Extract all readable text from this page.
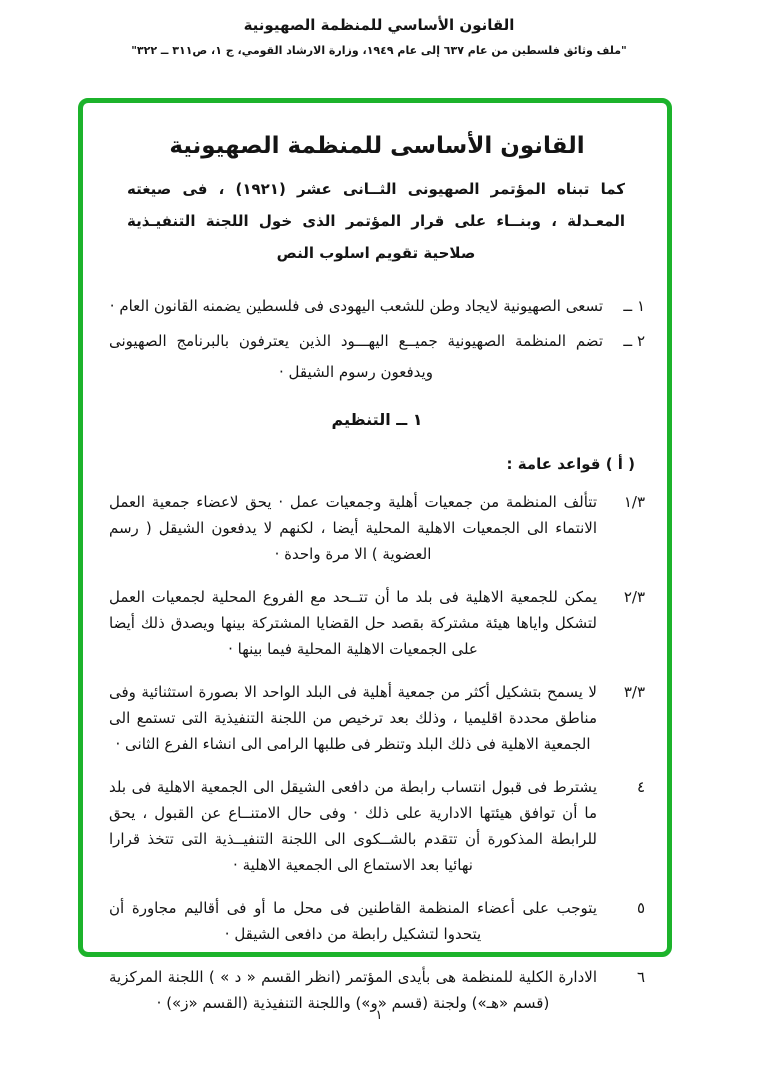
القانون الأساسي للمنظمة الصهيونية
"ملف وثائق فلسطين من عام ٦٣٧ إلى عام ١٩٤٩، وزارة الارشاد القومي، ج ١، ص٣١١ ــ ٣٢٢"
القانون الأساسى للمنظمة الصهيونية
كما تبناه المؤتمر الصهيونى الثــانى عشر (١٩٢١) ، فى صيغته
المعـدلة ، وبنــاء على قرار المؤتمر الذى خول اللجنة التنفيـذية
صلاحية تقويم اسلوب النص
١ ــ
تسعى الصهيونية لايجاد وطن للشعب اليهودى فى فلسطين يضمنه القانون العام ·
٢ ــ
تضم المنظمة الصهيونية جميــع اليهـــود الذين يعترفون بالبرنامج الصهيونى ويدفعون رسوم الشيقل ·
١ ــ التنظيم
( أ ) قواعد عامة :
١/٣
تتألف المنظمة من جمعيات أهلية وجمعيات عمل · يحق لاعضاء جمعية العمل الانتماء الى الجمعيات الاهلية المحلية أيضا ، لكنهم لا يدفعون الشيقل ( رسم العضوية ) الا مرة واحدة ·
٢/٣
يمكن للجمعية الاهلية فى بلد ما أن تتــحد مع الفروع المحلية لجمعيات العمل لتشكل واياها هيئة مشتركة بقصد حل القضايا المشتركة بينها ويصدق ذلك أيضا على الجمعيات الاهلية المحلية فيما بينها ·
٣/٣
لا يسمح بتشكيل أكثر من جمعية أهلية فى البلد الواحد الا بصورة استثنائية وفى مناطق محددة اقليميا ، وذلك بعد ترخيص من اللجنة التنفيذية التى تستمع الى الجمعية الاهلية فى ذلك البلد وتنظر فى طلبها الرامى الى انشاء الفرع الثانى ·
٤
يشترط فى قبول انتساب رابطة من دافعى الشيقل الى الجمعية الاهلية فى بلد ما أن توافق هيئتها الادارية على ذلك · وفى حال الامتنــاع عن القبول ، يحق للرابطة المذكورة أن تتقدم بالشــكوى الى اللجنة التنفيــذية التى تتخذ قرارا نهائيا بعد الاستماع الى الجمعية الاهلية ·
٥
يتوجب على أعضاء المنظمة القاطنين فى محل ما أو فى أقاليم مجاورة أن يتحدوا لتشكيل رابطة من دافعى الشيقل ·
٦
الادارة الكلية للمنظمة هى بأيدى المؤتمر (انظر القسم « د » ) اللجنة المركزية (قسم «هـ») ولجنة (قسم «و») واللجنة التنفيذية (القسم «ز») ·
١
